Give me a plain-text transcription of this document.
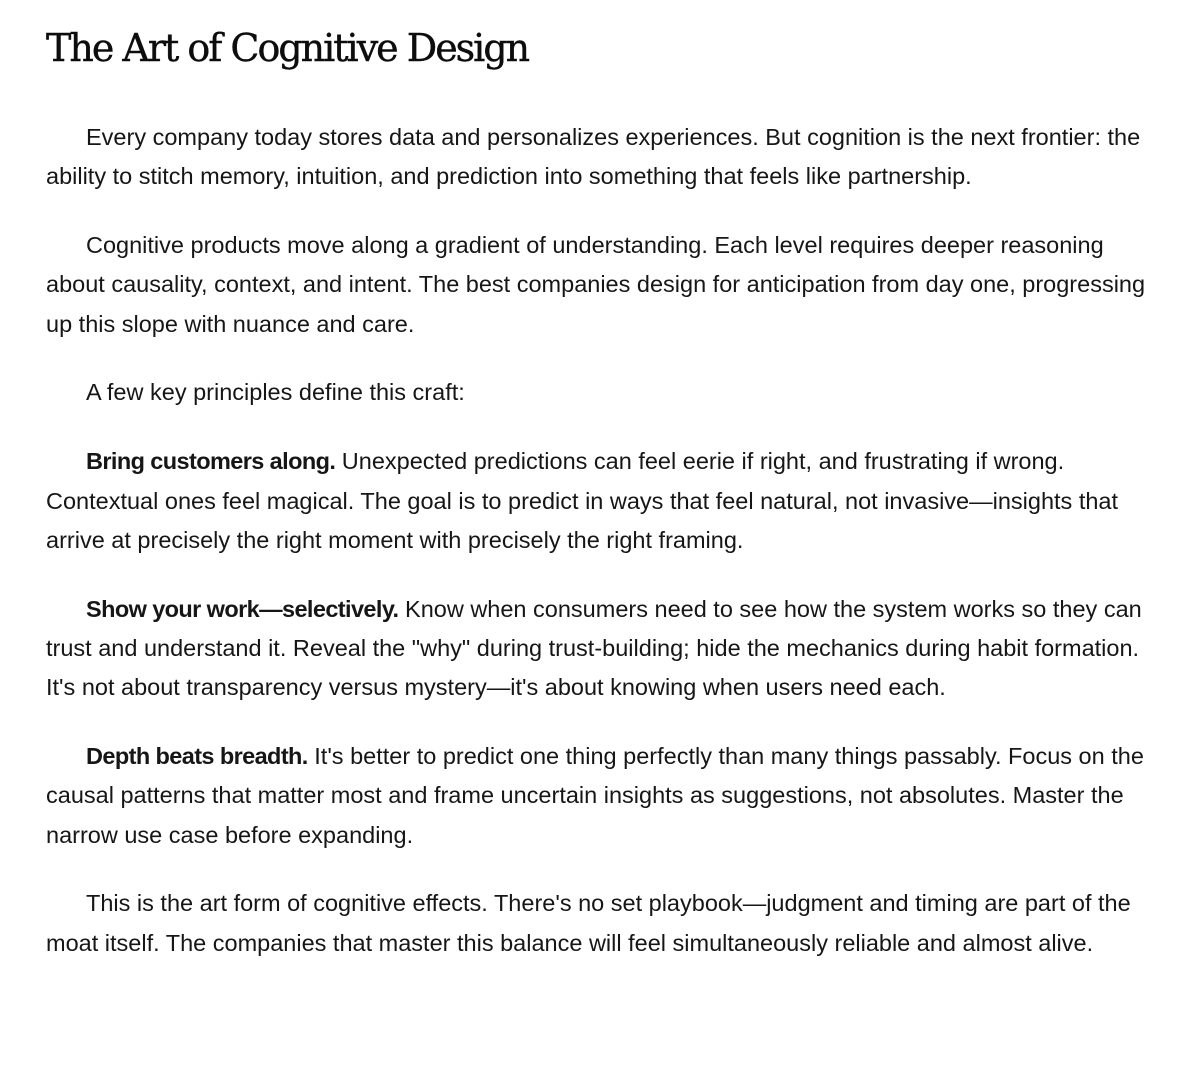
The Art of Cognitive Design

Every company today stores data and personalizes experiences. But cognition is the next frontier: the ability to stitch memory, intuition, and prediction into something that feels like partnership.

Cognitive products move along a gradient of understanding. Each level requires deeper reasoning about causality, context, and intent. The best companies design for anticipation from day one, progressing up this slope with nuance and care.

A few key principles define this craft:

Bring customers along. Unexpected predictions can feel eerie if right, and frustrating if wrong. Contextual ones feel magical. The goal is to predict in ways that feel natural, not invasive—insights that arrive at precisely the right moment with precisely the right framing.

Show your work—selectively. Know when consumers need to see how the system works so they can trust and understand it. Reveal the "why" during trust-building; hide the mechanics during habit formation. It's not about transparency versus mystery—it's about knowing when users need each.

Depth beats breadth. It's better to predict one thing perfectly than many things passably. Focus on the causal patterns that matter most and frame uncertain insights as suggestions, not absolutes. Master the narrow use case before expanding.

This is the art form of cognitive effects. There's no set playbook—judgment and timing are part of the moat itself. The companies that master this balance will feel simultaneously reliable and almost alive.
